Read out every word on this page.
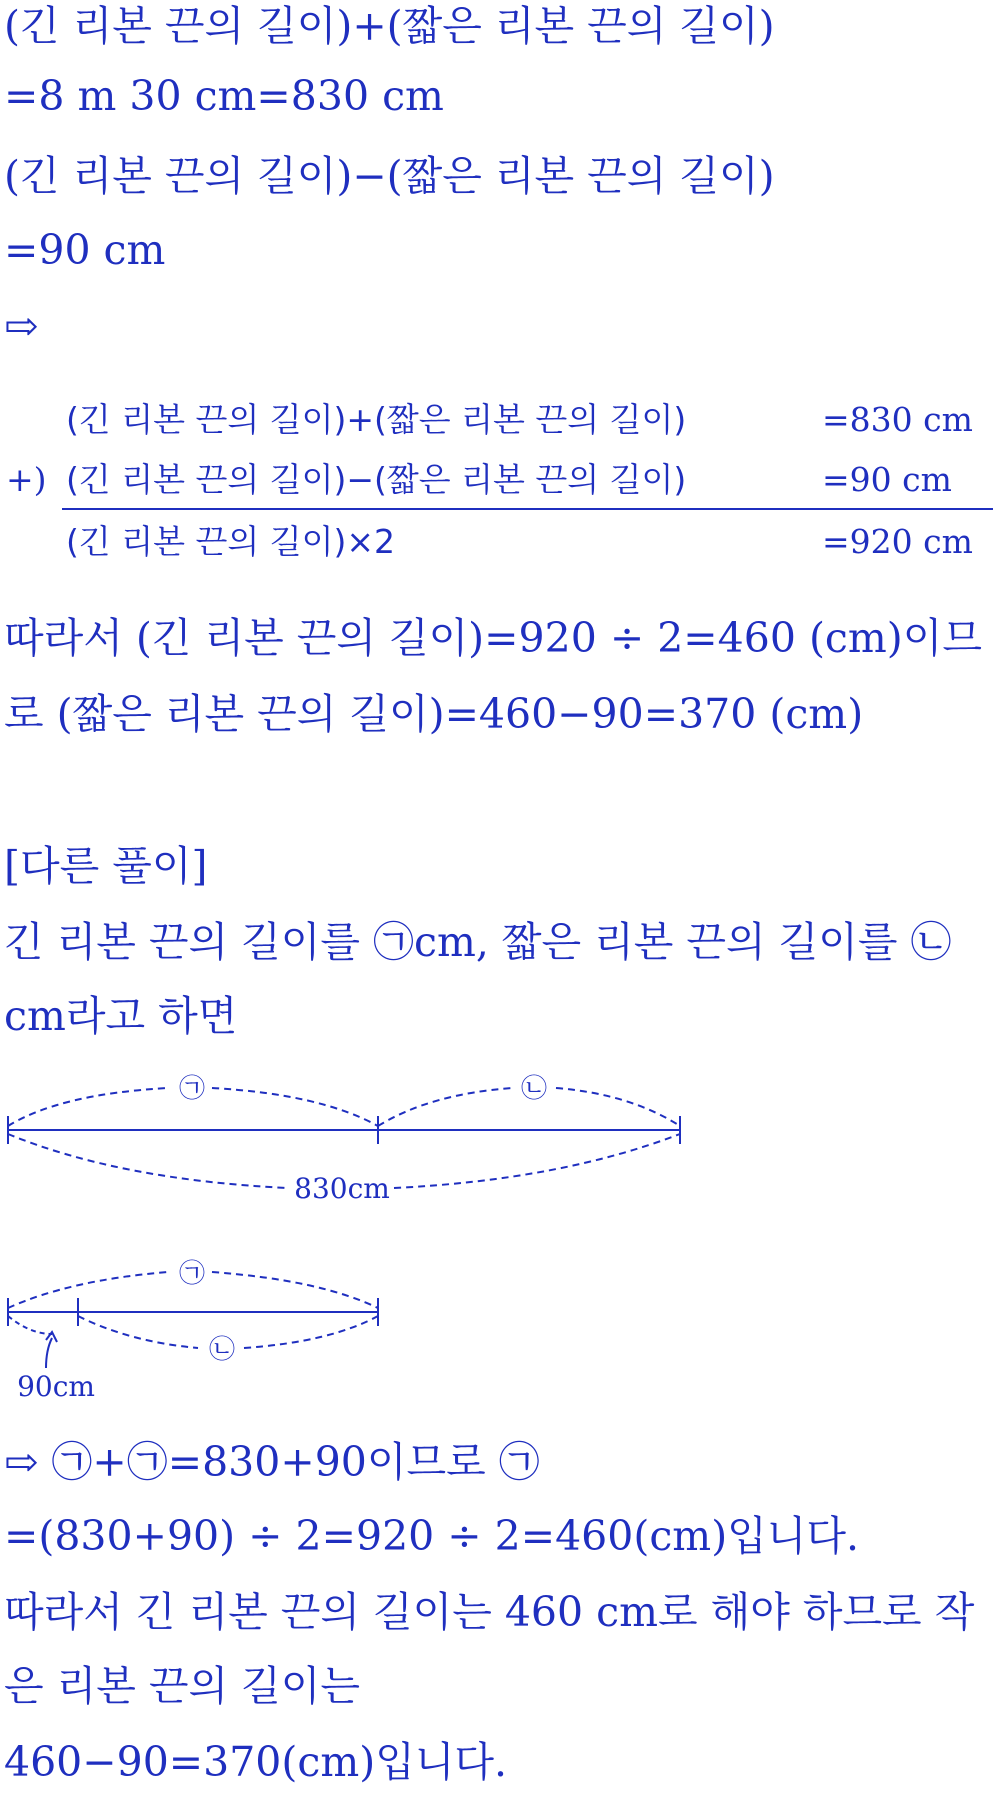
(긴 리본 끈의 길이)+(짧은 리본 끈의 길이)
=8 m 30 cm=830 cm
(긴 리본 끈의 길이)−(짧은 리본 끈의 길이)
=90 cm
⇨
(긴 리본 끈의 길이)+(짧은 리본 끈의 길이)	=830 cm
+) (긴 리본 끈의 길이)−(짧은 리본 끈의 길이)	=90 cm
(긴 리본 끈의 길이)×2	=920 cm
따라서 (긴 리본 끈의 길이)=920 ÷ 2=460 (cm)이므
로 (짧은 리본 끈의 길이)=460−90=370 (cm)
[다른 풀이]
긴 리본 끈의 길이를 ㉠cm, 짧은 리본 끈의 길이를 ㉡
cm라고 하면
㉠	㉡
830cm
㉠
㉡
90cm
⇨ ㉠+㉠=830+90이므로 ㉠
=(830+90) ÷ 2=920 ÷ 2=460(cm)입니다.
따라서 긴 리본 끈의 길이는 460 cm로 해야 하므로 작
은 리본 끈의 길이는
460−90=370(cm)입니다.
